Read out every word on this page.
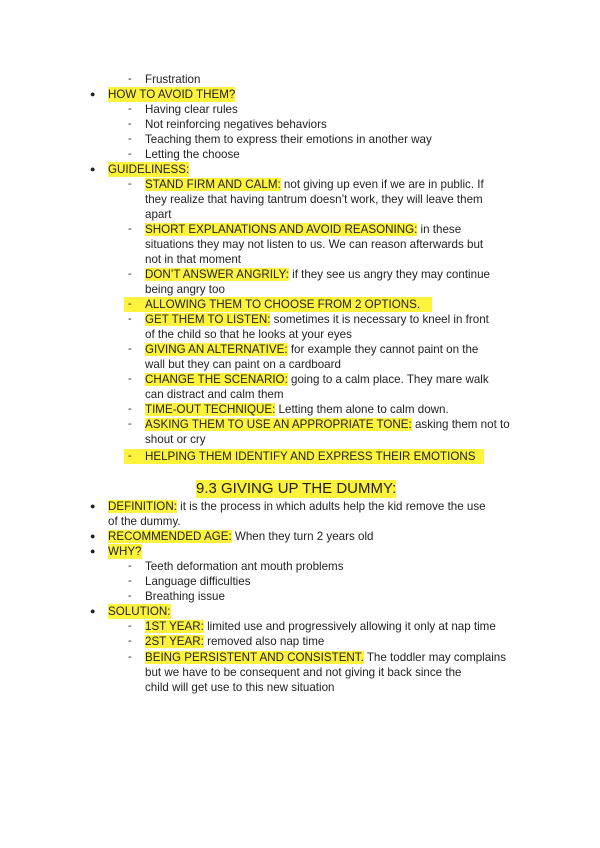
- Frustration
● HOW TO AVOID THEM?
- Having clear rules
- Not reinforcing negatives behaviors
- Teaching them to express their emotions in another way
- Letting the choose
● GUIDELINESS:
- STAND FIRM AND CALM: not giving up even if we are in public. If
they realize that having tantrum doesn’t work, they will leave them
apart
- SHORT EXPLANATIONS AND AVOID REASONING: in these
situations they may not listen to us. We can reason afterwards but
not in that moment
- DON’T ANSWER ANGRILY: if they see us angry they may continue
being angry too
- ALLOWING THEM TO CHOOSE FROM 2 OPTIONS.
- GET THEM TO LISTEN: sometimes it is necessary to kneel in front
of the child so that he looks at your eyes
- GIVING AN ALTERNATIVE: for example they cannot paint on the
wall but they can paint on a cardboard
- CHANGE THE SCENARIO: going to a calm place. They mare walk
can distract and calm them
- TIME-OUT TECHNIQUE: Letting them alone to calm down.
- ASKING THEM TO USE AN APPROPRIATE TONE: asking them not to
shout or cry
- HELPING THEM IDENTIFY AND EXPRESS THEIR EMOTIONS
9.3 GIVING UP THE DUMMY:
● DEFINITION: it is the process in which adults help the kid remove the use
of the dummy.
● RECOMMENDED AGE: When they turn 2 years old
● WHY?
- Teeth deformation ant mouth problems
- Language difficulties
- Breathing issue
● SOLUTION:
- 1ST YEAR: limited use and progressively allowing it only at nap time
- 2ST YEAR: removed also nap time
- BEING PERSISTENT AND CONSISTENT. The toddler may complains
but we have to be consequent and not giving it back since the
child will get use to this new situation
